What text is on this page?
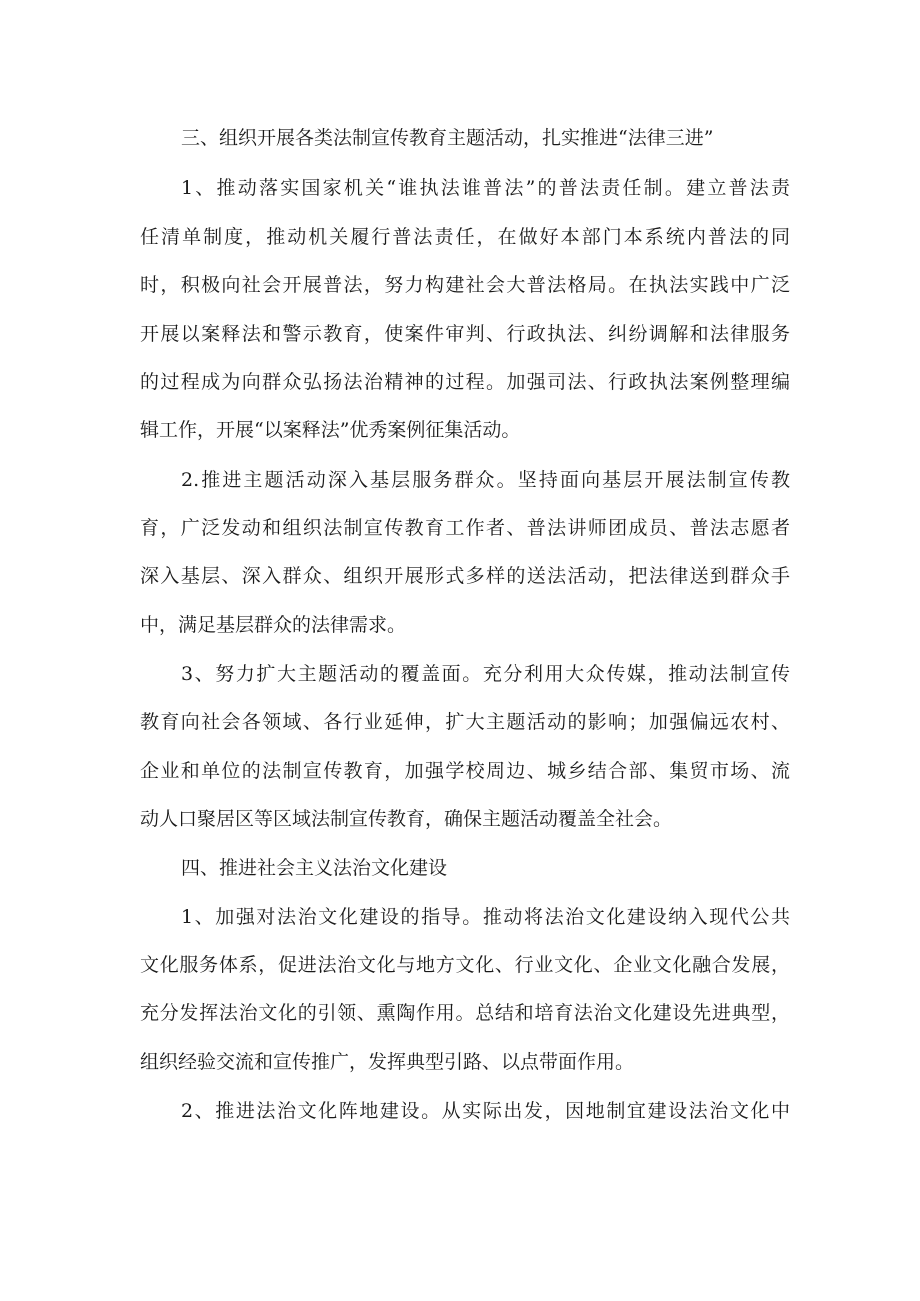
三、组织开展各类法制宣传教育主题活动，扎实推进“法律三进”
1、推动落实国家机关“谁执法谁普法”的普法责任制。建立普法责
任清单制度，推动机关履行普法责任，在做好本部门本系统内普法的同
时，积极向社会开展普法，努力构建社会大普法格局。在执法实践中广泛
开展以案释法和警示教育，使案件审判、行政执法、纠纷调解和法律服务
的过程成为向群众弘扬法治精神的过程。加强司法、行政执法案例整理编
辑工作，开展“以案释法”优秀案例征集活动。
2.推进主题活动深入基层服务群众。坚持面向基层开展法制宣传教
育，广泛发动和组织法制宣传教育工作者、普法讲师团成员、普法志愿者
深入基层、深入群众、组织开展形式多样的送法活动，把法律送到群众手
中，满足基层群众的法律需求。
3、努力扩大主题活动的覆盖面。充分利用大众传媒，推动法制宣传
教育向社会各领域、各行业延伸，扩大主题活动的影响；加强偏远农村、
企业和单位的法制宣传教育，加强学校周边、城乡结合部、集贸市场、流
动人口聚居区等区域法制宣传教育，确保主题活动覆盖全社会。
四、推进社会主义法治文化建设
1、加强对法治文化建设的指导。推动将法治文化建设纳入现代公共
文化服务体系，促进法治文化与地方文化、行业文化、企业文化融合发展，
充分发挥法治文化的引领、熏陶作用。总结和培育法治文化建设先进典型，
组织经验交流和宣传推广，发挥典型引路、以点带面作用。
2、推进法治文化阵地建设。从实际出发，因地制宜建设法治文化中
